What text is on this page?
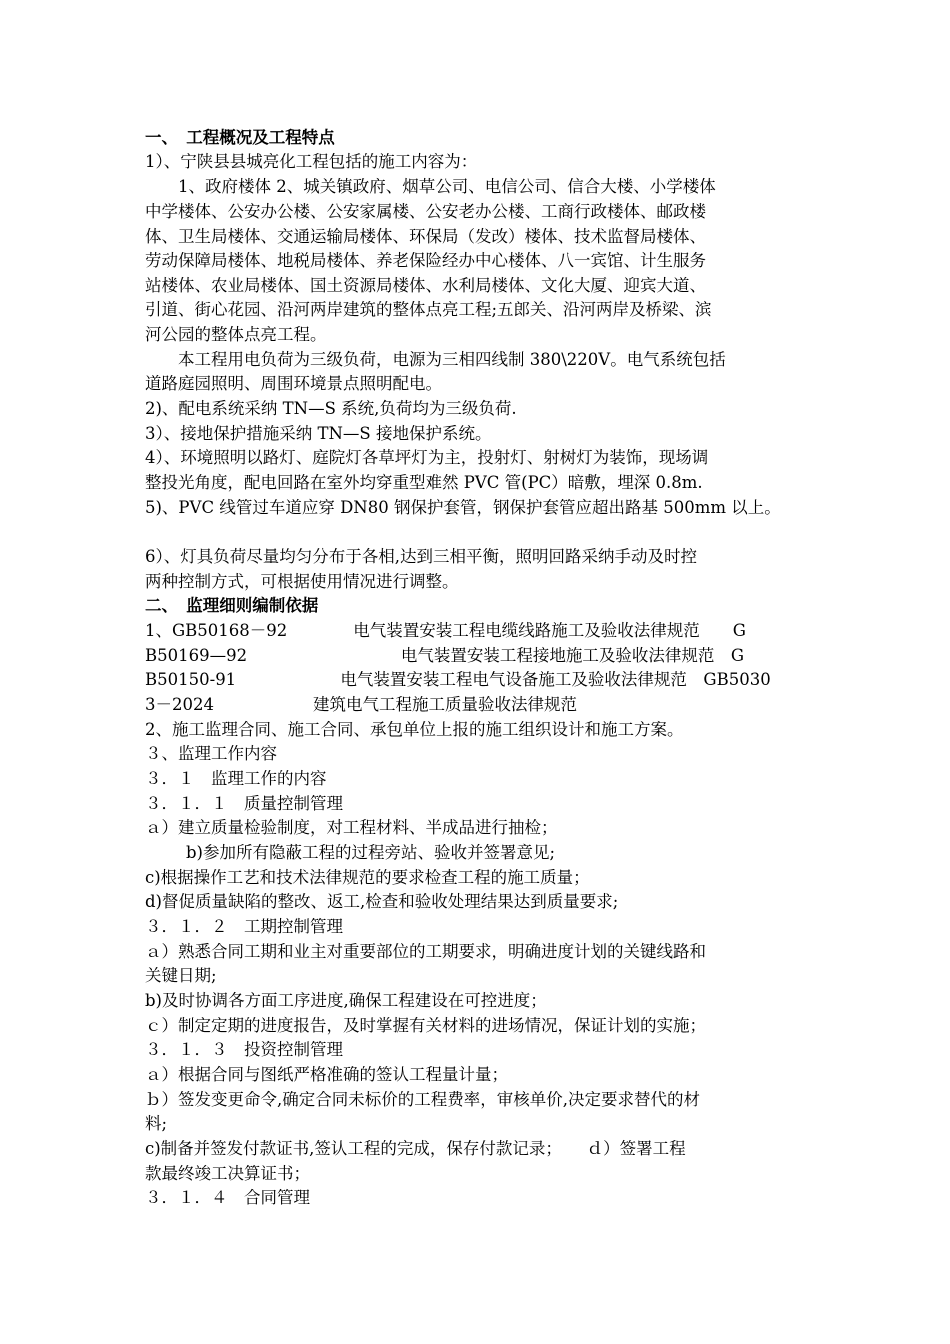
一、　工程概况及工程特点
1）、宁陕县县城亮化工程包括的施工内容为：
1、政府楼体 2、城关镇政府、烟草公司、电信公司、信合大楼、小学楼体
中学楼体、公安办公楼、公安家属楼、公安老办公楼、工商行政楼体、邮政楼
体、卫生局楼体、交通运输局楼体、环保局（发改）楼体、技术监督局楼体、
劳动保障局楼体、地税局楼体、养老保险经办中心楼体、八一宾馆、计生服务
站楼体、农业局楼体、国土资源局楼体、水利局楼体、文化大厦、迎宾大道、
引道、街心花园、沿河两岸建筑的整体点亮工程;五郎关、沿河两岸及桥梁、滨
河公园的整体点亮工程。
本工程用电负荷为三级负荷，电源为三相四线制 380\220V。电气系统包括
道路庭园照明、周围环境景点照明配电。
2)、配电系统采纳 TN—S 系统,负荷均为三级负荷.
3）、接地保护措施采纳 TN—S 接地保护系统。
4）、环境照明以路灯、庭院灯各草坪灯为主，投射灯、射树灯为装饰，现场调
整投光角度，配电回路在室外均穿重型难然 PVC 管(PC）暗敷，埋深 0.8m.
5)、PVC 线管过车道应穿 DN80 钢保护套管，钢保护套管应超出路基 500mm 以上。
6）、灯具负荷尽量均匀分布于各相,达到三相平衡，照明回路采纳手动及时控
两种控制方式，可根据使用情况进行调整。
二、　监理细则编制依据
1、GB50168－92　　　　电气装置安装工程电缆线路施工及验收法律规范　　G
B50169—92　　　　　　　　　 电气装置安装工程接地施工及验收法律规范　G
B50150-91　　　　　　 电气装置安装工程电气设备施工及验收法律规范　GB5030
3－2024　　　　　　建筑电气工程施工质量验收法律规范
2、施工监理合同、施工合同、承包单位上报的施工组织设计和施工方案。
３、监理工作内容
３．１　监理工作的内容
３．１．１　质量控制管理
ａ）建立质量检验制度，对工程材料、半成品进行抽检；
b)参加所有隐蔽工程的过程旁站、验收并签署意见;
c)根据操作工艺和技术法律规范的要求检查工程的施工质量；
d)督促质量缺陷的整改、返工,检查和验收处理结果达到质量要求;
３．１．２　工期控制管理
ａ）熟悉合同工期和业主对重要部位的工期要求，明确进度计划的关键线路和
关键日期;
b)及时协调各方面工序进度,确保工程建设在可控进度；
ｃ）制定定期的进度报告，及时掌握有关材料的进场情况，保证计划的实施；
３．１．３　投资控制管理
ａ）根据合同与图纸严格准确的签认工程量计量；
ｂ）签发变更命令,确定合同未标价的工程费率，审核单价,决定要求替代的材
料;
c)制备并签发付款证书,签认工程的完成，保存付款记录；　　ｄ）签署工程
款最终竣工决算证书；
３．１．４　合同管理
